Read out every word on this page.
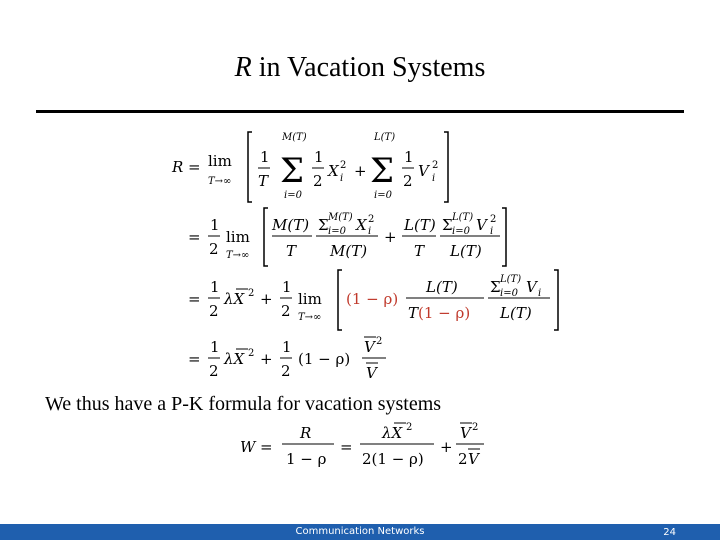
R in Vacation Systems
R = lim
T→∞
1
T
M(T)
Σ
i=0
1
2
X 2
i +
L(T)
Σ
i=0
1
2
V 2
i
=
1
2
lim
T→∞
M(T)
T
Σ i=0
M(T) X 2
i
M(T)
+
L(T)
T
Σ i=0
L(T) V 2
i
L(T)
=
1
2
λX 2 +
1
2
lim
T→∞
(1 − ρ)
L(T)
T (1 − ρ)
Σ i=0
L(T) V i
L(T)
=
1
2
λX 2 +
1
2
(1 − ρ)
V 2
V
We thus have a P-K formula for vacation systems
W =
R
1 − ρ
=
λX 2
2(1 − ρ)
+
V 2
2 V
Communication Networks	24
